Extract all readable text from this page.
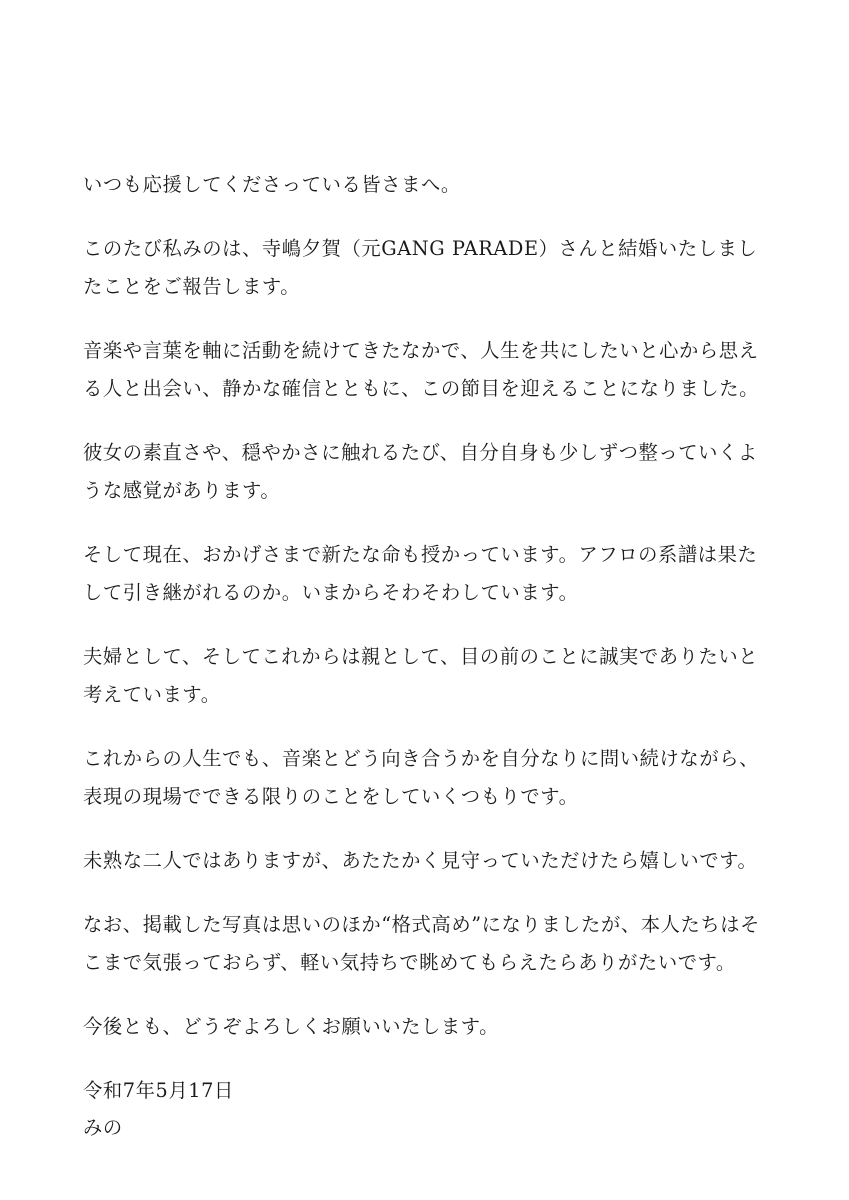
いつも応援してくださっている皆さまへ。

このたび私みのは、寺嶋夕賀（元GANG PARADE）さんと結婚いたしまし
たことをご報告します。

音楽や言葉を軸に活動を続けてきたなかで、人生を共にしたいと心から思え
る人と出会い、静かな確信とともに、この節目を迎えることになりました。

彼女の素直さや、穏やかさに触れるたび、自分自身も少しずつ整っていくよ
うな感覚があります。

そして現在、おかげさまで新たな命も授かっています。アフロの系譜は果た
して引き継がれるのか。いまからそわそわしています。

夫婦として、そしてこれからは親として、目の前のことに誠実でありたいと
考えています。

これからの人生でも、音楽とどう向き合うかを自分なりに問い続けながら、
表現の現場でできる限りのことをしていくつもりです。

未熟な二人ではありますが、あたたかく見守っていただけたら嬉しいです。

なお、掲載した写真は思いのほか“格式高め”になりましたが、本人たちはそ
こまで気張っておらず、軽い気持ちで眺めてもらえたらありがたいです。

今後とも、どうぞよろしくお願いいたします。

令和7年5月17日
みの
